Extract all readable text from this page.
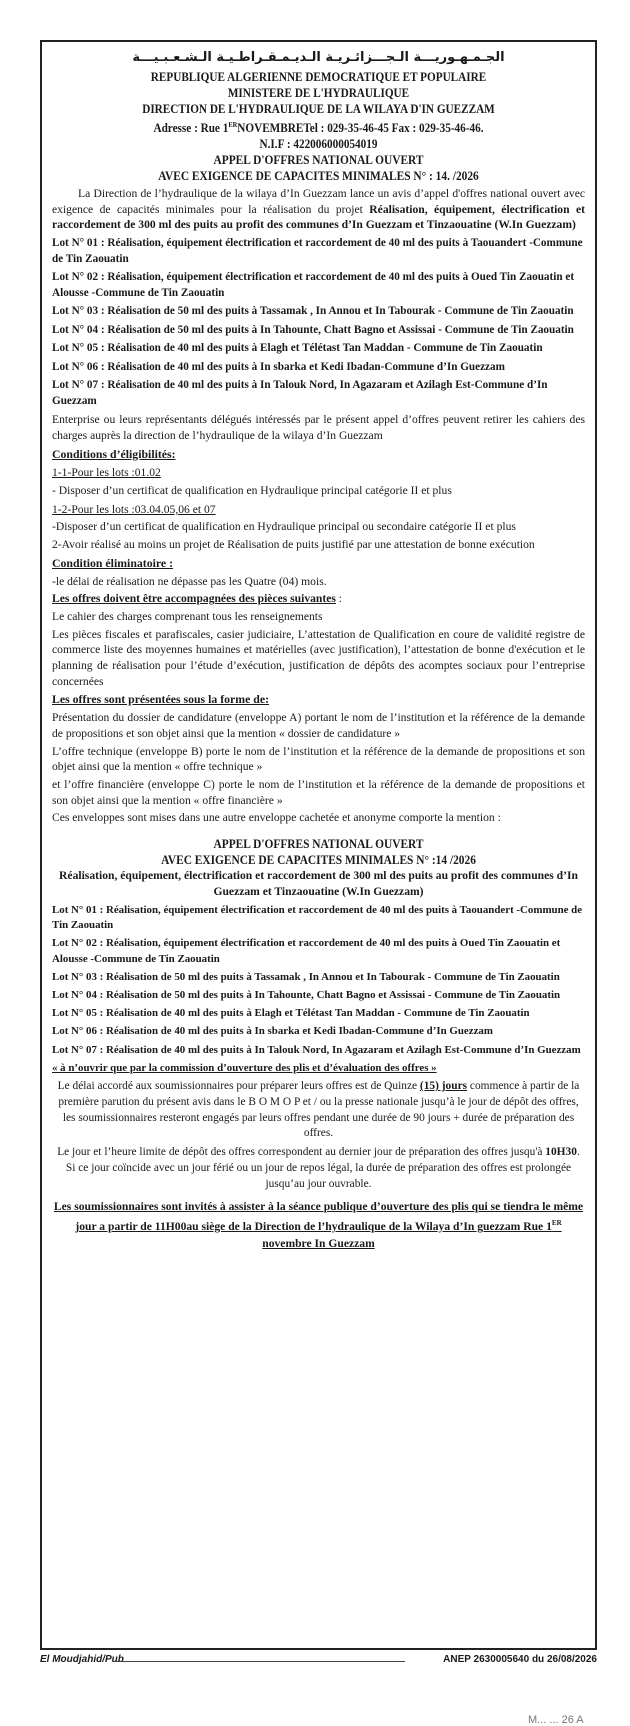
الجـمـهـوريـــة الـجـــزائـريـة الـديـمـقـراطـيـة الـشـعـبـيـــة
REPUBLIQUE ALGERIENNE DEMOCRATIQUE ET POPULAIRE
MINISTERE DE L'HYDRAULIQUE
DIRECTION DE L'HYDRAULIQUE DE LA WILAYA D'IN GUEZZAM
Adresse : Rue 1ERNOVEMBRETel : 029-35-46-45 Fax : 029-35-46-46.
N.I.F : 422006000054019
APPEL D'OFFRES NATIONAL OUVERT
AVEC EXIGENCE DE CAPACITES MINIMALES N° : 14. /2026

La Direction de l’hydraulique de la wilaya d’In Guezzam lance un avis d’appel d'offres national ouvert avec exigence de capacités minimales pour la réalisation du projet Réalisation, équipement, électrification et raccordement de 300 ml des puits au profit des communes d’In Guezzam et Tinzaouatine (W.In Guezzam)

Lot N° 01 : Réalisation, équipement électrification et raccordement de 40 ml des puits à Taouandert -Commune de Tin Zaouatin
Lot N° 02 : Réalisation, équipement électrification et raccordement de 40 ml des puits à Oued Tin Zaouatin et Alousse -Commune de Tin Zaouatin
Lot N° 03 : Réalisation de 50 ml des puits à Tassamak , In Annou et In Tabourak - Commune de Tin Zaouatin
Lot N° 04 : Réalisation de 50 ml des puits à In Tahounte, Chatt Bagno et Assissai - Commune de Tin Zaouatin
Lot N° 05 : Réalisation de 40 ml des puits à Elagh et Télétast Tan Maddan - Commune de Tin Zaouatin
Lot N° 06 : Réalisation de 40 ml des puits à In sbarka et Kedi Ibadan-Commune d’In Guezzam
Lot N° 07 : Réalisation de 40 ml des puits à In Talouk Nord, In Agazaram et Azilagh Est-Commune d’In Guezzam

Enterprise ou leurs représentants délégués intéressés par le présent appel d’offres peuvent retirer les cahiers des charges auprès la direction de l’hydraulique de la wilaya d’In Guezzam

Conditions d’éligibilités:
1-1-Pour les lots :01.02

- Disposer d’un certificat de qualification en Hydraulique principal catégorie II et plus

1-2-Pour les lots :03.04.05,06 et 07

-Disposer d’un certificat de qualification en Hydraulique principal ou secondaire catégorie II et plus

2-Avoir réalisé au moins un projet de Réalisation de puits justifié par une attestation de bonne exécution

Condition éliminatoire :

-le délai de réalisation ne dépasse pas les Quatre (04) mois.

Les offres doivent être accompagnées des pièces suivantes :

Le cahier des charges comprenant tous les renseignements

Les pièces fiscales et parafiscales, casier judiciaire, L’attestation de Qualification en coure de validité registre de commerce liste des moyennes humaines et matérielles (avec justification), l’attestation de bonne d'exécution et le planning de réalisation pour l’étude d’exécution, justification de dépôts des acomptes sociaux pour l’entreprise concernées

Les offres sont présentées sous la forme de:

Présentation du dossier de candidature (enveloppe A) portant le nom de l’institution et la référence de la demande de propositions et son objet ainsi que la mention « dossier de candidature »

L’offre technique (enveloppe B) porte le nom de l’institution et la référence de la demande de propositions et son objet ainsi que la mention « offre technique »

et l’offre financière (enveloppe C) porte le nom de l’institution et la référence de la demande de propositions et son objet ainsi que la mention « offre financière »

Ces enveloppes sont mises dans une autre enveloppe cachetée et anonyme comporte la mention :

APPEL D'OFFRES NATIONAL OUVERT
AVEC EXIGENCE DE CAPACITES MINIMALES N° :14 /2026
Réalisation, équipement, électrification et raccordement de 300 ml des puits au profit des communes d’In Guezzam et Tinzaouatine (W.In Guezzam)
Lot N° 01 : Réalisation, équipement électrification et raccordement de 40 ml des puits à Taouandert -Commune de Tin Zaouatin
Lot N° 02 : Réalisation, équipement électrification et raccordement de 40 ml des puits à Oued Tin Zaouatin et Alousse -Commune de Tin Zaouatin
Lot N° 03 : Réalisation de 50 ml des puits à Tassamak , In Annou et In Tabourak - Commune de Tin Zaouatin
Lot N° 04 : Réalisation de 50 ml des puits à In Tahounte, Chatt Bagno et Assissai - Commune de Tin Zaouatin
Lot N° 05 : Réalisation de 40 ml des puits à Elagh et Télétast Tan Maddan - Commune de Tin Zaouatin
Lot N° 06 : Réalisation de 40 ml des puits à In sbarka et Kedi Ibadan-Commune d’In Guezzam
Lot N° 07 : Réalisation de 40 ml des puits à In Talouk Nord, In Agazaram et Azilagh Est-Commune d’In Guezzam
« à n’ouvrir que par la commission d’ouverture des plis et d’évaluation des offres »

Le délai accordé aux soumissionnaires pour préparer leurs offres est de Quinze (15) jours commence à partir de la première parution du présent avis dans le B O M O P et / ou la presse nationale jusqu’à le jour de dépôt des offres, les soumissionnaires resteront engagés par leurs offres pendant une durée de 90 jours + durée de préparation des offres.

Le jour et l’heure limite de dépôt des offres correspondent au dernier jour de préparation des offres jusqu'à 10H30. Si ce jour coïncide avec un jour férié ou un jour de repos légal, la durée de préparation des offres est prolongée jusqu’au jour ouvrable.

Les soumissionnaires sont invités à assister à la séance publique d’ouverture des plis qui se tiendra le même jour a partir de 11H00au siège de la Direction de l’hydraulique de la Wilaya d’In guezzam Rue 1ER novembre In Guezzam

El Moudjahid/Pub	ANEP 2630005640 du 26/08/2026
M... ... 26 A
